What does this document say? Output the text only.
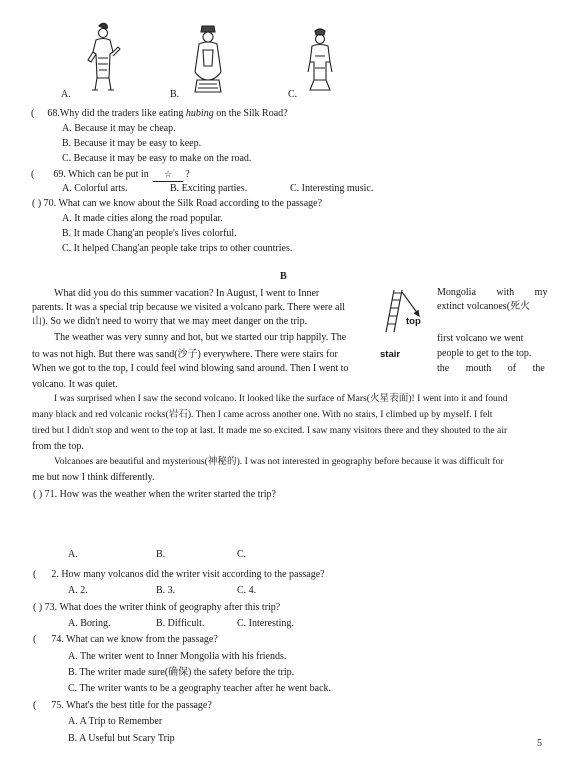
A.	B.	C.
( 68.Why did the traders like eating hubing on the Silk Road?
A. Because it may be cheap.
B. Because it may be easy to keep.
C. Because it may be easy to make on the road.
( 69. Which can be put in ☆ ?
A. Colorful arts.	B. Exciting parties.	C. Interesting music.
( ) 70. What can we know about the Silk Road according to the passage?
A. It made cities along the road popular.
B. It made Chang'an people's lives colorful.
C. It helped Chang'an people take trips to other countries.
B
What did you do this summer vacation? In August, I went to Inner
parents. It was a special trip because we visited a volcano park. There were all
山). So we didn't need to worry that we may meet danger on the trip.
Mongolia with my
extinct volcanoes(死火
top
stair
The weather was very sunny and hot, but we started our trip happily. The
to was not high. But there was sand(沙子) everywhere. There were stairs for
When we got to the top, I could feel wind blowing sand around. Then I went to
volcano. It was quiet.
first volcano we went
people to get to the top.
the mouth of the
I was surprised when I saw the second volcano. It looked like the surface of Mars(火星表面)! I went into it and found
many black and red volcanic rocks(岩石). Then I came across another one. With no stairs, I climbed up by myself. I felt
tired but I didn't stop and went to the top at last. It made me so excited. I saw many visitors there and they shouted to the air
from the top.
Volcanoes are beautiful and mysterious(神秘的). I was not interested in geography before because it was difficult for
me but now I think differently.
( ) 71. How was the weather when the writer started the trip?
A.	B.	C.
(      2. How many volcanos did the writer visit according to the passage?
A. 2.	B. 3.	C. 4.
( ) 73. What does the writer think of geography after this trip?
A. Boring.	B. Difficult.	C. Interesting.
(      74. What can we know from the passage?
A. The writer went to Inner Mongolia with his friends.
B. The writer made sure(确保) the safety before the trip.
C. The writer wants to be a geography teacher after he went back.
(      75. What's the best title for the passage?
A. A Trip to Remember
B. A Useful but Scary Trip	5
